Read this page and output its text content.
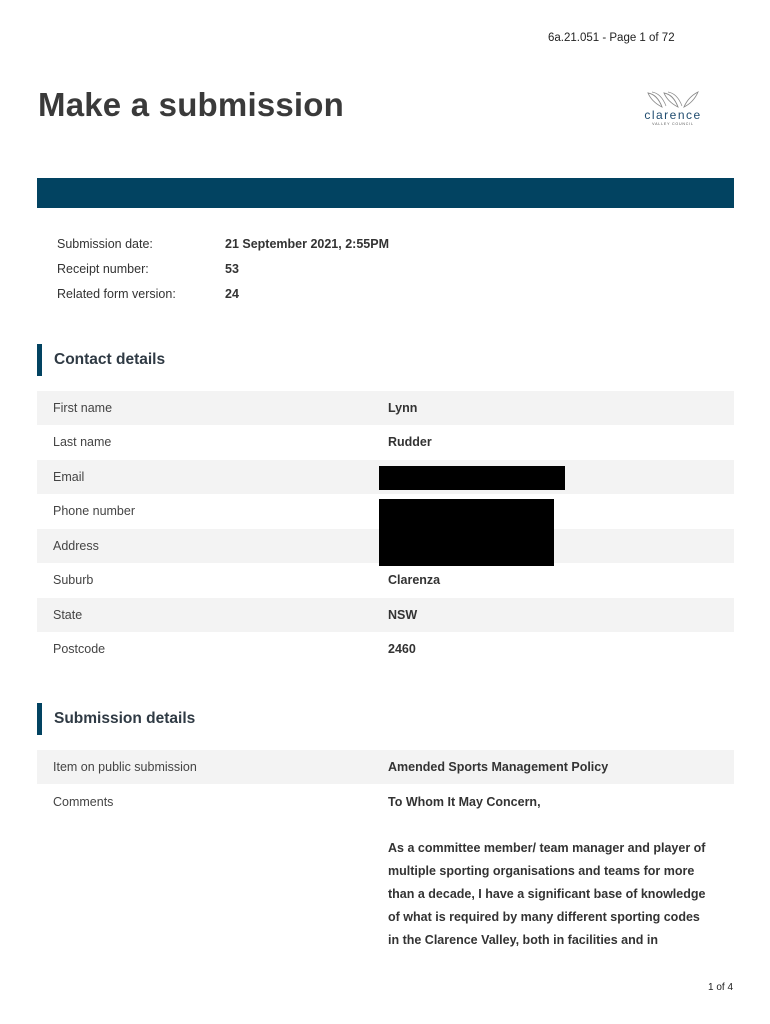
6a.21.051 - Page 1 of 72
Make a submission	clarence
VALLEY COUNCIL
Submission date:	21 September 2021, 2:55PM
Receipt number:	53
Related form version:	24
Contact details
First name	Lynn
Last name	Rudder
Email
Phone number
Address
Suburb	Clarenza
State	NSW
Postcode	2460
Submission details
Item on public submission	Amended Sports Management Policy
Comments	To Whom It May Concern,
As a committee member/ team manager and player of
multiple sporting organisations and teams for more
than a decade, I have a significant base of knowledge
of what is required by many different sporting codes
in the Clarence Valley, both in facilities and in
1 of 4
